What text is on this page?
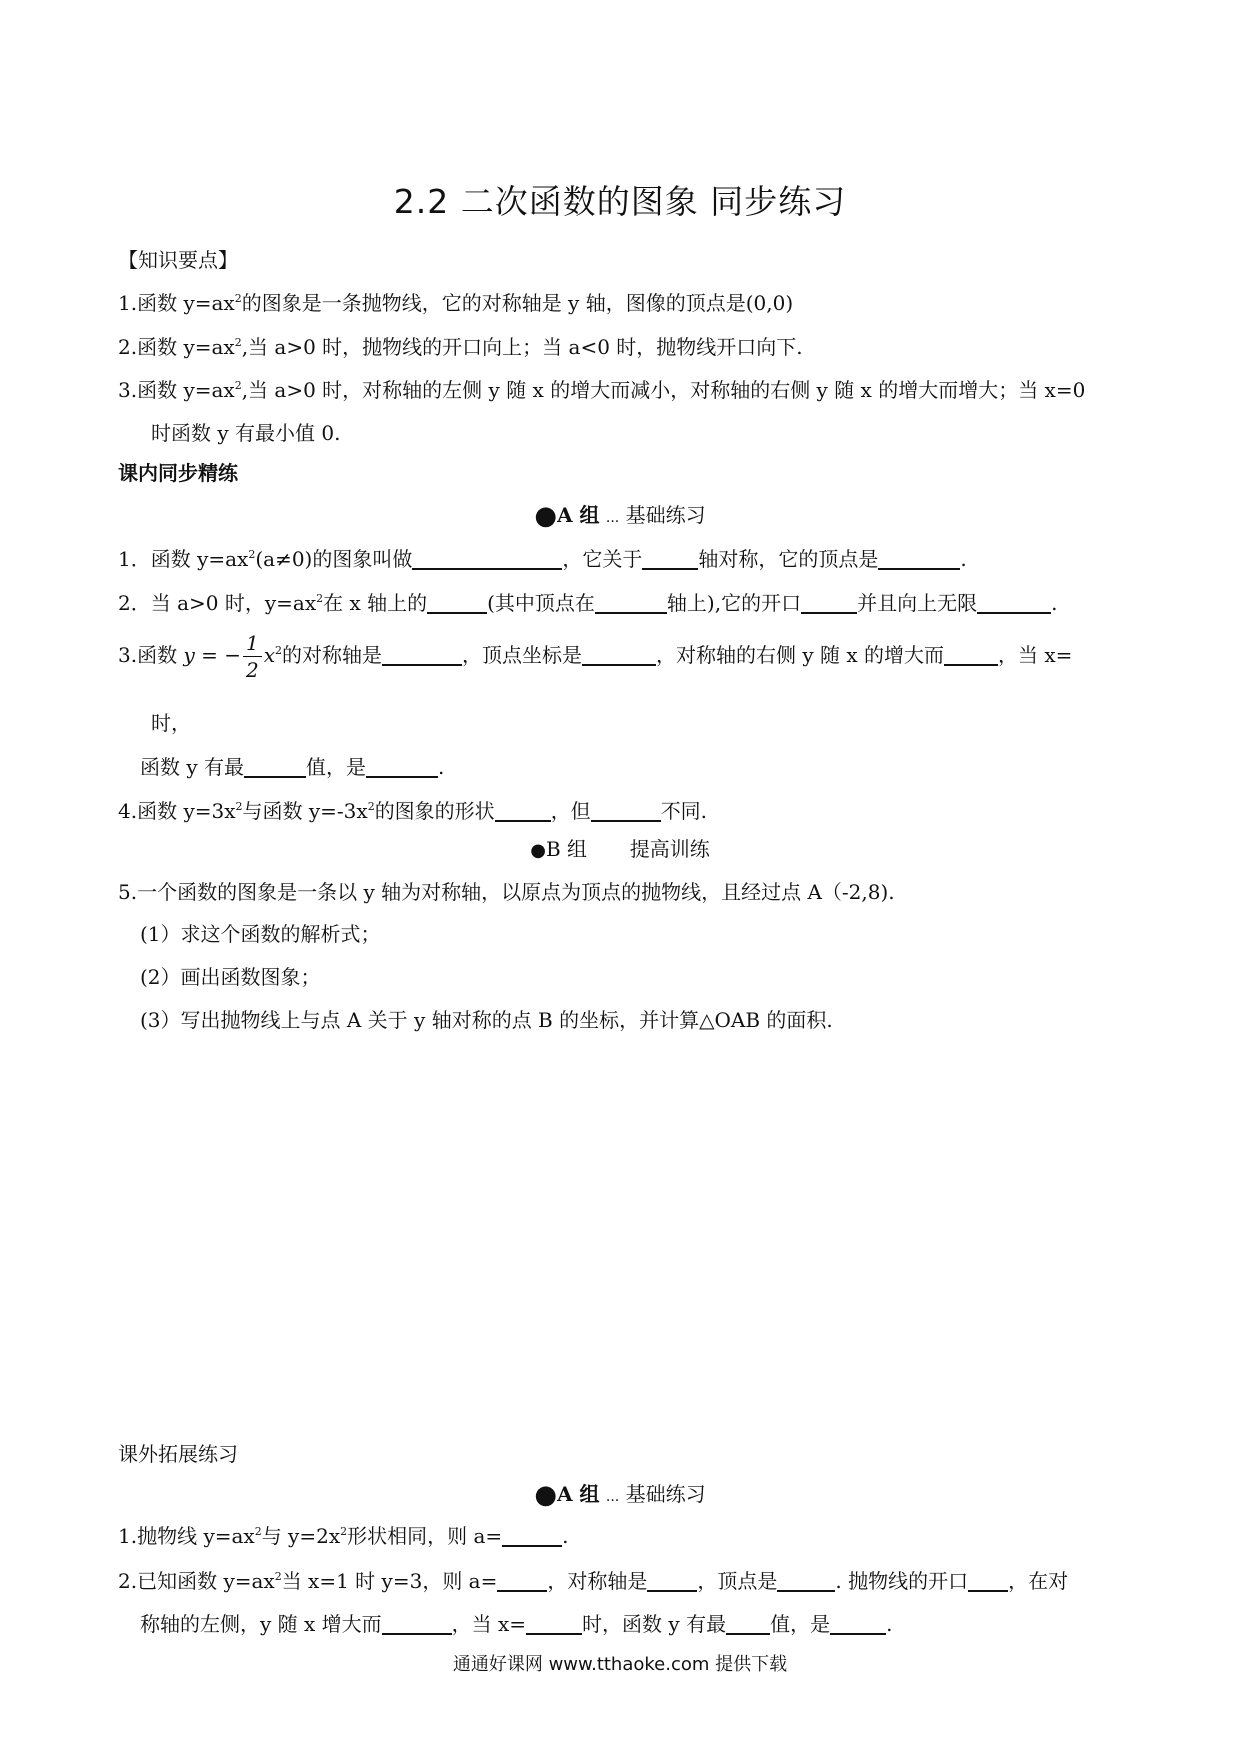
2.2 二次函数的图象 同步练习
【知识要点】
1.函数 $y=ax^2$的图象是一条抛物线，它的对称轴是 y 轴，图像的顶点是(0,0)
2.函数 $y=ax^2$,当 a>0 时，抛物线的开口向上；当 a<0 时，抛物线开口向下.
3.函数 $y=ax^2$,当 a>0 时，对称轴的左侧 y 随 x 的增大而减小，对称轴的右侧 y 随 x 的增大而增大；当 x=0
时函数 y 有最小值 0.
课内同步精练
●A 组 ... 基础练习
1．函数 $y=ax^2(a\ne 0)$的图象叫做	，它关于	轴对称，它的顶点是	.
2．当 a>0 时，$y=ax^2$在 x 轴上的	(其中顶点在	轴上),它的开口	并且向上无限	.
3.函数 y = − $\frac{1}{2} x^2$的对称轴是	，顶点坐标是	，对称轴的右侧 y 随 x 的增大而	，当 x=
时，
函数 y 有最	值，是	.
4.函数 $y=3x^2$与函数 $y=-3x^2$的图象的形状	，但	不同.
●B 组 提高训练
5.一个函数的图象是一条以 y 轴为对称轴，以原点为顶点的抛物线，且经过点 A（-2,8).
(1）求这个函数的解析式；
(2）画出函数图象；
(3）写出抛物线上与点 A 关于 y 轴对称的点 B 的坐标，并计算△OAB 的面积.
课外拓展练习
●A 组 ... 基础练习
1.抛物线 $y=ax^2$与 $y=2x^2$形状相同，则 a=	.
2.已知函数 $y=ax^2$当 x=1 时 y=3，则 a=	，对称轴是	，顶点是	. 抛物线的开口 ，在对
称轴的左侧，y 随 x 增大而	，当 x=	时，函数 y 有最 值，是	.
通通好课网 www.tthaoke.com 提供下载
